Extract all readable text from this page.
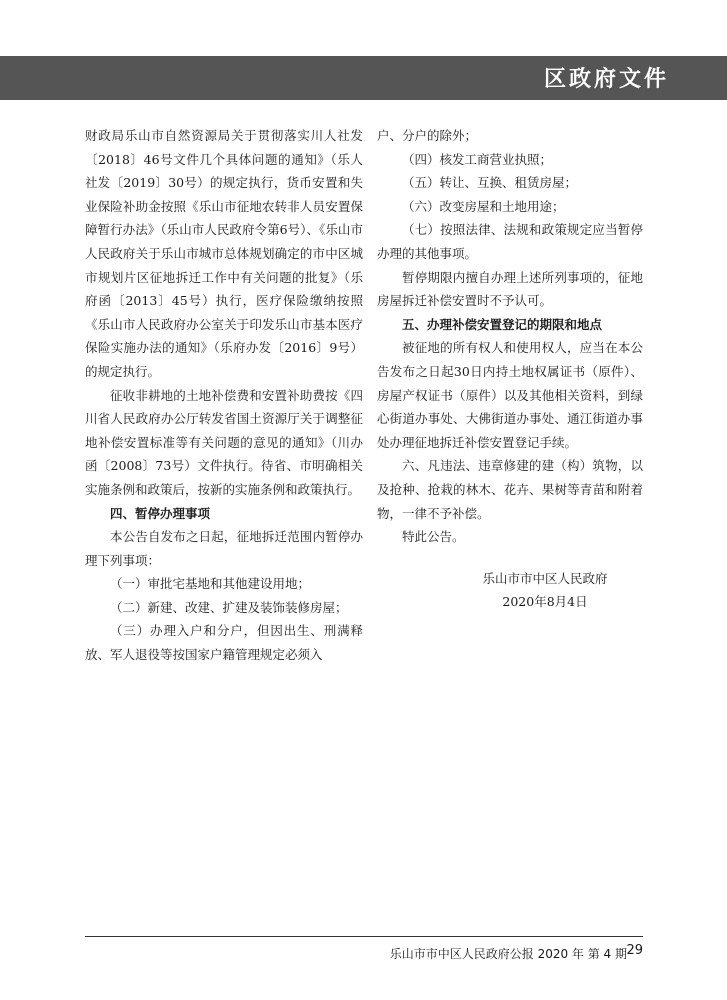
区政府文件

财政局乐山市自然资源局关于贯彻落实川人社发〔2018〕46号文件几个具体问题的通知》（乐人社发〔2019〕30号）的规定执行，货币安置和失业保险补助金按照《乐山市征地农转非人员安置保障暂行办法》（乐山市人民政府令第6号）、《乐山市人民政府关于乐山市城市总体规划确定的市中区城市规划片区征地拆迁工作中有关问题的批复》（乐府函〔2013〕45号）执行，医疗保险缴纳按照《乐山市人民政府办公室关于印发乐山市基本医疗保险实施办法的通知》（乐府办发〔2016〕9号）的规定执行。

征收非耕地的土地补偿费和安置补助费按《四川省人民政府办公厅转发省国土资源厅关于调整征地补偿安置标准等有关问题的意见的通知》（川办函〔2008〕73号）文件执行。待省、市明确相关实施条例和政策后，按新的实施条例和政策执行。

四、暂停办理事项

本公告自发布之日起，征地拆迁范围内暂停办理下列事项：

（一）审批宅基地和其他建设用地；

（二）新建、改建、扩建及装饰装修房屋；

（三）办理入户和分户，但因出生、刑满释放、军人退役等按国家户籍管理规定必须入

户、分户的除外；

（四）核发工商营业执照；

（五）转让、互换、租赁房屋；

（六）改变房屋和土地用途；

（七）按照法律、法规和政策规定应当暂停办理的其他事项。

暂停期限内擅自办理上述所列事项的，征地房屋拆迁补偿安置时不予认可。

五、办理补偿安置登记的期限和地点

被征地的所有权人和使用权人，应当在本公告发布之日起30日内持土地权属证书（原件）、房屋产权证书（原件）以及其他相关资料，到绿心街道办事处、大佛街道办事处、通江街道办事处办理征地拆迁补偿安置登记手续。

六、凡违法、违章修建的建（构）筑物，以及抢种、抢栽的林木、花卉、果树等青苗和附着物，一律不予补偿。

特此公告。

乐山市市中区人民政府

2020年8月4日

乐山市市中区人民政府公报 2020 年 第 4 期 29
